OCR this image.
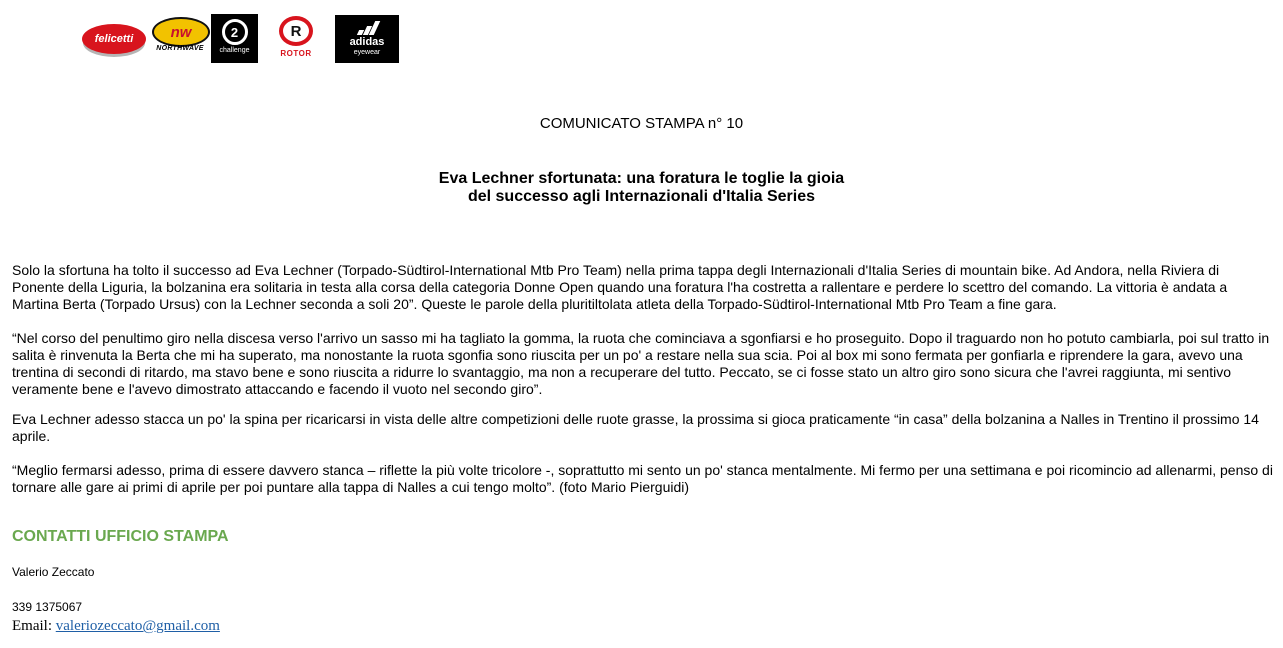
felicetti	nw
NORTHWAVE
2
challenge
R
ROTOR
adidas
eyewear
COMUNICATO STAMPA n° 10
Eva Lechner sfortunata: una foratura le toglie la gioia
del successo agli Internazionali d'Italia Series

Solo la sfortuna ha tolto il successo ad Eva Lechner (Torpado-Südtirol-International Mtb Pro Team) nella prima tappa degli Internazionali d'Italia Series di mountain bike. Ad Andora, nella Riviera di Ponente della Liguria, la bolzanina era solitaria in testa alla corsa della categoria Donne Open quando una foratura l'ha costretta a rallentare e perdere lo scettro del comando. La vittoria è andata a Martina Berta (Torpado Ursus) con la Lechner seconda a soli 20”. Queste le parole della pluritiltolata atleta della Torpado-Südtirol-International Mtb Pro Team a fine gara.

“Nel corso del penultimo giro nella discesa verso l'arrivo un sasso mi ha tagliato la gomma, la ruota che cominciava a sgonfiarsi e ho proseguito. Dopo il traguardo non ho potuto cambiarla, poi sul tratto in salita è rinvenuta la Berta che mi ha superato, ma nonostante la ruota sgonfia sono riuscita per un po' a restare nella sua scia. Poi al box mi sono fermata per gonfiarla e riprendere la gara, avevo una trentina di secondi di ritardo, ma stavo bene e sono riuscita a ridurre lo svantaggio, ma non a recuperare del tutto. Peccato, se ci fosse stato un altro giro sono sicura che l'avrei raggiunta, mi sentivo veramente bene e l'avevo dimostrato attaccando e facendo il vuoto nel secondo giro”.

Eva Lechner adesso stacca un po' la spina per ricaricarsi in vista delle altre competizioni delle ruote grasse, la prossima si gioca praticamente “in casa” della bolzanina a Nalles in Trentino il prossimo 14 aprile.

“Meglio fermarsi adesso, prima di essere davvero stanca – riflette la più volte tricolore -, soprattutto mi sento un po' stanca mentalmente. Mi fermo per una settimana e poi ricomincio ad allenarmi, penso di tornare alle gare ai primi di aprile per poi puntare alla tappa di Nalles a cui tengo molto”. (foto Mario Pierguidi)

CONTATTI UFFICIO STAMPA
Valerio Zeccato
339 1375067
Email: valeriozeccato@gmail.com
